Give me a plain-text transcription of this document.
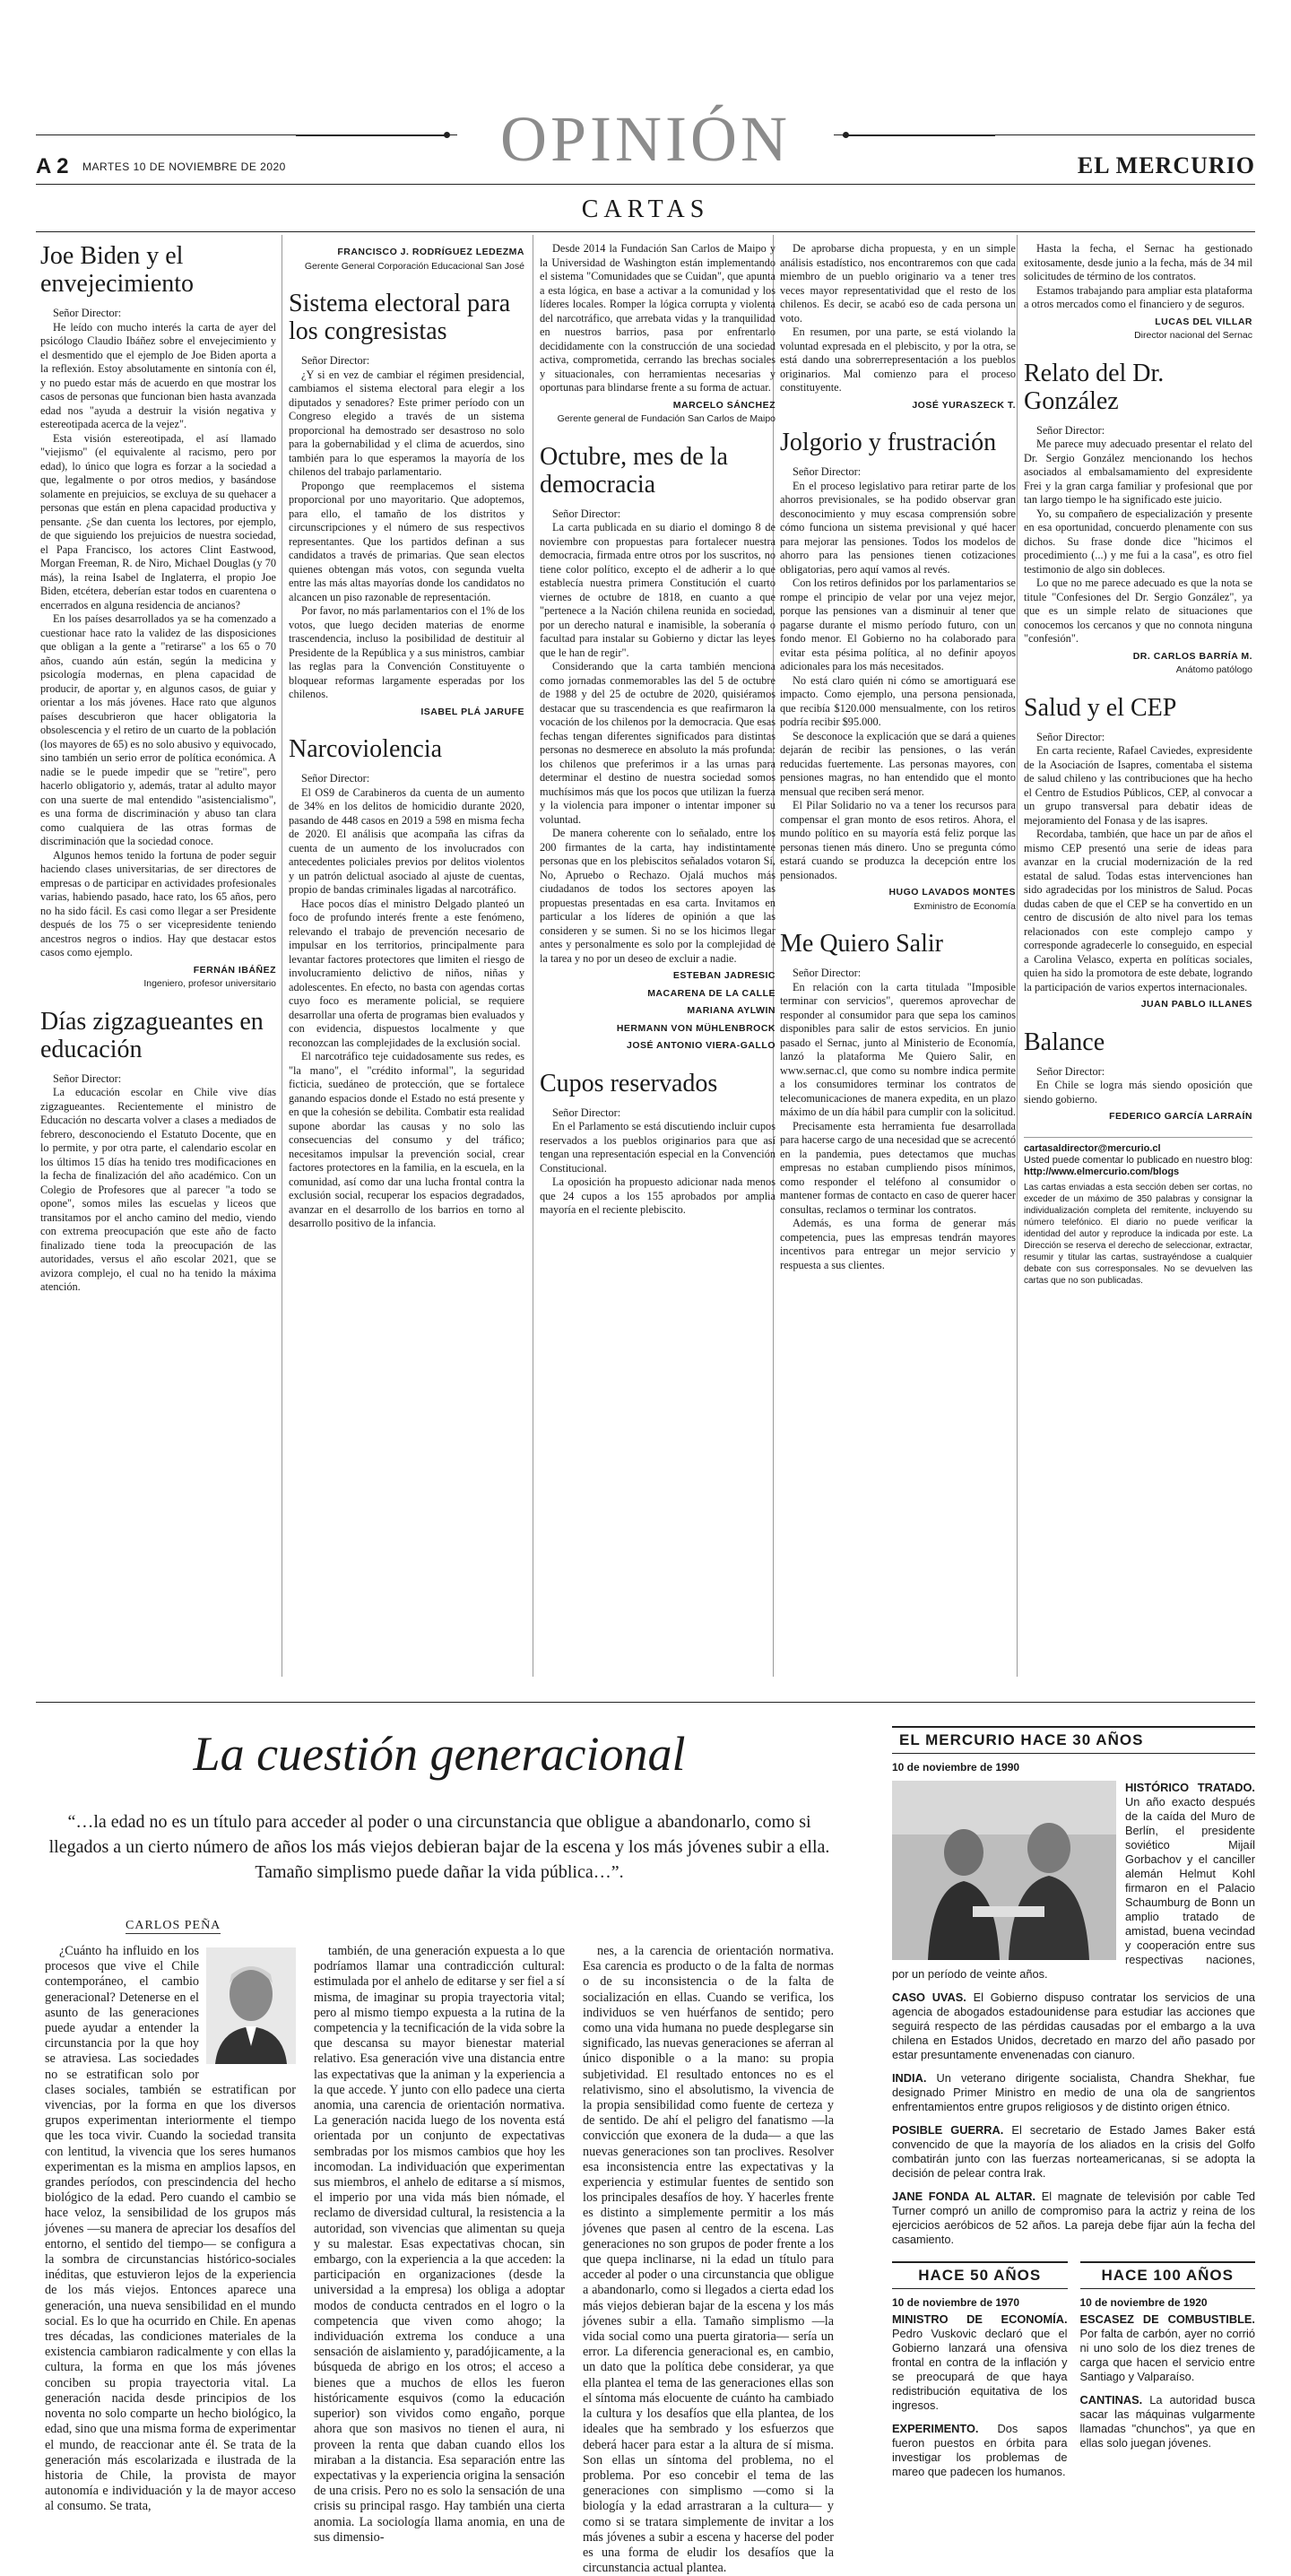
OPINIÓN
A 2 MARTES 10 DE NOVIEMBRE DE 2020	EL MERCURIO
CARTAS
Joe Biden y el envejecimiento

Señor Director:

He leído con mucho interés la carta de ayer del psicólogo Claudio Ibáñez sobre el envejecimiento y el desmentido que el ejemplo de Joe Biden aporta a la reflexión. Estoy absolutamente en sintonía con él, y no puedo estar más de acuerdo en que mostrar los casos de personas que funcionan bien hasta avanzada edad nos "ayuda a destruir la visión negativa y estereotipada acerca de la vejez".

Esta visión estereotipada, el así llamado "viejismo" (el equivalente al racismo, pero por edad), lo único que logra es forzar a la sociedad a que, legalmente o por otros medios, y basándose solamente en prejuicios, se excluya de su quehacer a personas que están en plena capacidad productiva y pensante. ¿Se dan cuenta los lectores, por ejemplo, de que siguiendo los prejuicios de nuestra sociedad, el Papa Francisco, los actores Clint Eastwood, Morgan Freeman, R. de Niro, Michael Douglas (y 70 más), la reina Isabel de Inglaterra, el propio Joe Biden, etcétera, deberían estar todos en cuarentena o encerrados en alguna residencia de ancianos?

En los países desarrollados ya se ha comenzado a cuestionar hace rato la validez de las disposiciones que obligan a la gente a "retirarse" a los 65 o 70 años, cuando aún están, según la medicina y psicología modernas, en plena capacidad de producir, de aportar y, en algunos casos, de guiar y orientar a los más jóvenes. Hace rato que algunos países descubrieron que hacer obligatoria la obsolescencia y el retiro de un cuarto de la población (los mayores de 65) es no solo abusivo y equivocado, sino también un serio error de política económica. A nadie se le puede impedir que se "retire", pero hacerlo obligatorio y, además, tratar al adulto mayor con una suerte de mal entendido "asistencialismo", es una forma de discriminación y abuso tan clara como cualquiera de las otras formas de discriminación que la sociedad conoce.

Algunos hemos tenido la fortuna de poder seguir haciendo clases universitarias, de ser directores de empresas o de participar en actividades profesionales varias, habiendo pasado, hace rato, los 65 años, pero no ha sido fácil. Es casi como llegar a ser Presidente después de los 75 o ser vicepresidente teniendo ancestros negros o indios. Hay que destacar estos casos como ejemplo.

FERNÁN IBÁÑEZ
Ingeniero, profesor universitario
Días zigzagueantes en educación

Señor Director:

La educación escolar en Chile vive días zigzagueantes. Recientemente el ministro de Educación no descarta volver a clases a mediados de febrero, desconociendo el Estatuto Docente, que en lo permite, y por otra parte, el calendario escolar en los últimos 15 días ha tenido tres modificaciones en la fecha de finalización del año académico. Con un Colegio de Profesores que al parecer "a todo se opone", somos miles las escuelas y liceos que transitamos por el ancho camino del medio, viendo con extrema preocupación que este año de facto finalizado tiene toda la preocupación de las autoridades, versus el año escolar 2021, que se avizora complejo, el cual no ha tenido la máxima atención.

FRANCISCO J. RODRÍGUEZ LEDEZMA
Gerente General Corporación Educacional San José
Sistema electoral para los congresistas

Señor Director:

¿Y si en vez de cambiar el régimen presidencial, cambiamos el sistema electoral para elegir a los diputados y senadores? Este primer período con un Congreso elegido a través de un sistema proporcional ha demostrado ser desastroso no solo para la gobernabilidad y el clima de acuerdos, sino también para lo que esperamos la mayoría de los chilenos del trabajo parlamentario.

Propongo que reemplacemos el sistema proporcional por uno mayoritario. Que adoptemos, para ello, el tamaño de los distritos y circunscripciones y el número de sus respectivos representantes. Que los partidos definan a sus candidatos a través de primarias. Que sean electos quienes obtengan más votos, con segunda vuelta entre las más altas mayorías donde los candidatos no alcancen un piso razonable de representación.

Por favor, no más parlamentarios con el 1% de los votos, que luego deciden materias de enorme trascendencia, incluso la posibilidad de destituir al Presidente de la República y a sus ministros, cambiar las reglas para la Convención Constituyente o bloquear reformas largamente esperadas por los chilenos.

ISABEL PLÁ JARUFE
Narcoviolencia

Señor Director:

El OS9 de Carabineros da cuenta de un aumento de 34% en los delitos de homicidio durante 2020, pasando de 448 casos en 2019 a 598 en misma fecha de 2020. El análisis que acompaña las cifras da cuenta de un aumento de los involucrados con antecedentes policiales previos por delitos violentos y un patrón delictual asociado al ajuste de cuentas, propio de bandas criminales ligadas al narcotráfico.

Hace pocos días el ministro Delgado planteó un foco de profundo interés frente a este fenómeno, relevando el trabajo de prevención necesario de impulsar en los territorios, principalmente para levantar factores protectores que limiten el riesgo de involucramiento delictivo de niños, niñas y adolescentes. En efecto, no basta con agendas cortas cuyo foco es meramente policial, se requiere desarrollar una oferta de programas bien evaluados y con evidencia, dispuestos localmente y que reconozcan las complejidades de la exclusión social.

El narcotráfico teje cuidadosamente sus redes, es "la mano", el "crédito informal", la seguridad ficticia, suedáneo de protección, que se fortalece ganando espacios donde el Estado no está presente y en que la cohesión se debilita. Combatir esta realidad supone abordar las causas y no solo las consecuencias del consumo y del tráfico; necesitamos impulsar la prevención social, crear factores protectores en la familia, en la escuela, en la comunidad, así como dar una lucha frontal contra la exclusión social, recuperar los espacios degradados, avanzar en el desarrollo de los barrios en torno al desarrollo positivo de la infancia.

Desde 2014 la Fundación San Carlos de Maipo y la Universidad de Washington están implementando el sistema "Comunidades que se Cuidan", que apunta a esta lógica, en base a activar a la comunidad y los líderes locales. Romper la lógica corrupta y violenta del narcotráfico, que arrebata vidas y la tranquilidad en nuestros barrios, pasa por enfrentarlo decididamente con la construcción de una sociedad activa, comprometida, cerrando las brechas sociales y situacionales, con herramientas necesarias y oportunas para blindarse frente a su forma de actuar.

MARCELO SÁNCHEZ
Gerente general de Fundación San Carlos de Maipo
Octubre, mes de la democracia

Señor Director:

La carta publicada en su diario el domingo 8 de noviembre con propuestas para fortalecer nuestra democracia, firmada entre otros por los suscritos, no tiene color político, excepto el de adherir a lo que establecía nuestra primera Constitución el cuarto viernes de octubre de 1818, en cuanto a que "pertenece a la Nación chilena reunida en sociedad, por un derecho natural e inamisible, la soberanía o facultad para instalar su Gobierno y dictar las leyes que le han de regir".

Considerando que la carta también menciona como jornadas conmemorables las del 5 de octubre de 1988 y del 25 de octubre de 2020, quisiéramos destacar que su trascendencia es que reafirmaron la vocación de los chilenos por la democracia. Que esas fechas tengan diferentes significados para distintas personas no desmerece en absoluto la más profunda: los chilenos que preferimos ir a las urnas para determinar el destino de nuestra sociedad somos muchísimos más que los pocos que utilizan la fuerza y la violencia para imponer o intentar imponer su voluntad.

De manera coherente con lo señalado, entre los 200 firmantes de la carta, hay indistintamente personas que en los plebiscitos señalados votaron Sí, No, Apruebo o Rechazo. Ojalá muchos más ciudadanos de todos los sectores apoyen las propuestas presentadas en esa carta. Invitamos en particular a los líderes de opinión a que las consideren y se sumen. Si no se los hicimos llegar antes y personalmente es solo por la complejidad de la tarea y no por un deseo de excluir a nadie.

ESTEBAN JADRESIC
MACARENA DE LA CALLE
MARIANA AYLWIN
HERMANN VON MÜHLENBROCK
JOSÉ ANTONIO VIERA-GALLO
Cupos reservados

Señor Director:

En el Parlamento se está discutiendo incluir cupos reservados a los pueblos originarios para que así tengan una representación especial en la Convención Constitucional.

La oposición ha propuesto adicionar nada menos que 24 cupos a los 155 aprobados por amplia mayoría en el reciente plebiscito.

De aprobarse dicha propuesta, y en un simple análisis estadístico, nos encontraremos con que cada miembro de un pueblo originario va a tener tres veces mayor representatividad que el resto de los chilenos. Es decir, se acabó eso de cada persona un voto.

En resumen, por una parte, se está violando la voluntad expresada en el plebiscito, y por la otra, se está dando una sobrerrepresentación a los pueblos originarios. Mal comienzo para el proceso constituyente.

JOSÉ YURASZECK T.
Jolgorio y frustración

Señor Director:

En el proceso legislativo para retirar parte de los ahorros previsionales, se ha podido observar gran desconocimiento y muy escasa comprensión sobre cómo funciona un sistema previsional y qué hacer para mejorar las pensiones. Todos los modelos de ahorro para las pensiones tienen cotizaciones obligatorias, pero aquí vamos al revés.

Con los retiros definidos por los parlamentarios se rompe el principio de velar por una vejez mejor, porque las pensiones van a disminuir al tener que pagarse durante el mismo período futuro, con un fondo menor. El Gobierno no ha colaborado para evitar esta pésima política, al no definir apoyos adicionales para los más necesitados.

No está claro quién ni cómo se amortiguará ese impacto. Como ejemplo, una persona pensionada, que recibía $120.000 mensualmente, con los retiros podría recibir $95.000.

Se desconoce la explicación que se dará a quienes dejarán de recibir las pensiones, o las verán reducidas fuertemente. Las personas mayores, con pensiones magras, no han entendido que el monto mensual que reciben será menor.

El Pilar Solidario no va a tener los recursos para compensar el gran monto de esos retiros. Ahora, el mundo político en su mayoría está feliz porque las personas tienen más dinero. Uno se pregunta cómo estará cuando se produzca la decepción entre los pensionados.

HUGO LAVADOS MONTES
Exministro de Economía
Me Quiero Salir

Señor Director:

En relación con la carta titulada "Imposible terminar con servicios", queremos aprovechar de responder al consumidor para que sepa los caminos disponibles para salir de estos servicios. En junio pasado el Sernac, junto al Ministerio de Economía, lanzó la plataforma Me Quiero Salir, en www.sernac.cl, que como su nombre indica permite a los consumidores terminar los contratos de telecomunicaciones de manera expedita, en un plazo máximo de un día hábil para cumplir con la solicitud.

Precisamente esta herramienta fue desarrollada para hacerse cargo de una necesidad que se acrecentó en la pandemia, pues detectamos que muchas empresas no estaban cumpliendo pisos mínimos, como responder el teléfono al consumidor o mantener formas de contacto en caso de querer hacer consultas, reclamos o terminar los contratos.

Además, es una forma de generar más competencia, pues las empresas tendrán mayores incentivos para entregar un mejor servicio y respuesta a sus clientes.

Hasta la fecha, el Sernac ha gestionado exitosamente, desde junio a la fecha, más de 34 mil solicitudes de término de los contratos.

Estamos trabajando para ampliar esta plataforma a otros mercados como el financiero y de seguros.

LUCAS DEL VILLAR
Director nacional del Sernac
Relato del Dr. González

Señor Director:

Me parece muy adecuado presentar el relato del Dr. Sergio González mencionando los hechos asociados al embalsamamiento del expresidente Frei y la gran carga familiar y profesional que por tan largo tiempo le ha significado este juicio.

Yo, su compañero de especialización y presente en esa oportunidad, concuerdo plenamente con sus dichos. Su frase donde dice "hicimos el procedimiento (...) y me fui a la casa", es otro fiel testimonio de algo sin dobleces.

Lo que no me parece adecuado es que la nota se titule "Confesiones del Dr. Sergio González", ya que es un simple relato de situaciones que conocemos los cercanos y que no connota ninguna "confesión".

DR. CARLOS BARRÍA M.
Anátomo patólogo
Salud y el CEP

Señor Director:

En carta reciente, Rafael Caviedes, expresidente de la Asociación de Isapres, comentaba el sistema de salud chileno y las contribuciones que ha hecho el Centro de Estudios Públicos, CEP, al convocar a un grupo transversal para debatir ideas de mejoramiento del Fonasa y de las isapres.

Recordaba, también, que hace un par de años el mismo CEP presentó una serie de ideas para avanzar en la crucial modernización de la red estatal de salud. Todas estas intervenciones han sido agradecidas por los ministros de Salud. Pocas dudas caben de que el CEP se ha convertido en un centro de discusión de alto nivel para los temas relacionados con este complejo campo y corresponde agradecerle lo conseguido, en especial a Carolina Velasco, experta en políticas sociales, quien ha sido la promotora de este debate, logrando la participación de varios expertos internacionales.

JUAN PABLO ILLANES
Balance

Señor Director:

En Chile se logra más siendo oposición que siendo gobierno.

FEDERICO GARCÍA LARRAÍN
cartasaldirector@mercurio.cl
Usted puede comentar lo publicado en nuestro blog:
http://www.elmercurio.com/blogs
Las cartas enviadas a esta sección deben ser cortas, no exceder de un máximo de 350 palabras y consignar la individualización completa del remitente, incluyendo su número telefónico. El diario no puede verificar la identidad del autor y reproduce la indicada por este. La Dirección se reserva el derecho de seleccionar, extractar, resumir y titular las cartas, sustrayéndose a cualquier debate con sus corresponsales. No se devuelven las cartas que no son publicadas.
La cuestión generacional
“…la edad no es un título para acceder al poder o una circunstancia que obligue a abandonarlo, como si llegados a un cierto número de años los más viejos debieran bajar de la escena y los más jóvenes subir a ella. Tamaño simplismo puede dañar la vida pública…”.
CARLOS PEÑA

¿Cuánto ha influido en los procesos que vive el Chile contemporáneo, el cambio generacional? Detenerse en el asunto de las generaciones puede ayudar a entender la circunstancia por la que hoy se atraviesa. Las sociedades no se estratifican solo por clases sociales, también se estratifican por vivencias, por la forma en que los diversos grupos experimentan interiormente el tiempo que les toca vivir. Cuando la sociedad transita con lentitud, la vivencia que los seres humanos experimentan es la misma en amplios lapsos, en grandes períodos, con prescindencia del hecho biológico de la edad. Pero cuando el cambio se hace veloz, la sensibilidad de los grupos más jóvenes —su manera de apreciar los desafíos del entorno, el sentido del tiempo— se configura a la sombra de circunstancias histórico-sociales inéditas, que estuvieron lejos de la experiencia de los más viejos. Entonces aparece una generación, una nueva sensibilidad en el mundo social. Es lo que ha ocurrido en Chile. En apenas tres décadas, las condiciones materiales de la existencia cambiaron radicalmente y con ellas la cultura, la forma en que los más jóvenes conciben su propia trayectoria vital. La generación nacida desde principios de los noventa no solo comparte un hecho biológico, la edad, sino que una misma forma de experimentar el mundo, de reaccionar ante él. Se trata de la generación más escolarizada e ilustrada de la historia de Chile, la provista de mayor autonomía e individuación y la de mayor acceso al consumo. Se trata,

también, de una generación expuesta a lo que podríamos llamar una contradicción cultural: estimulada por el anhelo de editarse y ser fiel a sí misma, de imaginar su propia trayectoria vital; pero al mismo tiempo expuesta a la rutina de la competencia y la tecnificación de la vida sobre la que descansa su mayor bienestar material relativo. Esa generación vive una distancia entre las expectativas que la animan y la experiencia a la que accede. Y junto con ello padece una cierta anomia, una carencia de orientación normativa. La generación nacida luego de los noventa está orientada por un conjunto de expectativas sembradas por los mismos cambios que hoy les incomodan. La individuación que experimentan sus miembros, el anhelo de editarse a sí mismos, el imperio por una vida más bien nómade, el reclamo de diversidad cultural, la resistencia a la autoridad, son vivencias que alimentan su queja y su malestar. Esas expectativas chocan, sin embargo, con la experiencia a la que acceden: la participación en organizaciones (desde la universidad a la empresa) los obliga a adoptar modos de conducta centrados en el logro o la competencia que viven como ahogo; la individuación extrema los conduce a una sensación de aislamiento y, paradójicamente, a la búsqueda de abrigo en los otros; el acceso a bienes que a muchos de ellos les fueron históricamente esquivos (como la educación superior) son vividos como engaño, porque ahora que son masivos no tienen el aura, ni proveen la renta que daban cuando ellos los miraban a la distancia. Esa separación entre las expectativas y la experiencia origina la sensación de una crisis. Pero no es solo la sensación de una crisis su principal rasgo. Hay también una cierta anomia. La sociología llama anomia, en una de sus dimensio-

nes, a la carencia de orientación normativa. Esa carencia es producto o de la falta de normas o de su inconsistencia o de la falta de socialización en ellas. Cuando se verifica, los individuos se ven huérfanos de sentido; pero como una vida humana no puede desplegarse sin significado, las nuevas generaciones se aferran al único disponible o a la mano: su propia subjetividad. El resultado entonces no es el relativismo, sino el absolutismo, la vivencia de la propia sensibilidad como fuente de certeza y de sentido. De ahí el peligro del fanatismo —la convicción que exonera de la duda— a que las nuevas generaciones son tan proclives. Resolver esa inconsistencia entre las expectativas y la experiencia y estimular fuentes de sentido son los principales desafíos de hoy. Y hacerles frente es distinto a simplemente permitir a los más jóvenes que pasen al centro de la escena. Las generaciones no son grupos de poder frente a los que quepa inclinarse, ni la edad un título para acceder al poder o una circunstancia que obligue a abandonarlo, como si llegados a cierta edad los más viejos debieran bajar de la escena y los más jóvenes subir a ella. Tamaño simplismo —la vida social como una puerta giratoria— sería un error. La diferencia generacional es, en cambio, un dato que la política debe considerar, ya que ella plantea el tema de las generaciones ellas son el síntoma más elocuente de cuánto ha cambiado la cultura y los desafíos que ella plantea, de los ideales que ha sembrado y los esfuerzos que deberá hacer para estar a la altura de sí misma. Son ellas un síntoma del problema, no el problema. Por eso concebir el tema de las generaciones con simplismo —como si la biología y la edad arrastraran a la cultura— y como si se tratara simplemente de invitar a los más jóvenes a subir a escena y hacerse del poder es una forma de eludir los desafíos que la circunstancia actual plantea.

EL MERCURIO HACE 30 AÑOS
10 de noviembre de 1990
HISTÓRICO TRATADO. Un año exacto después de la caída del Muro de Berlín, el presidente soviético Mijaíl Gorbachov y el canciller alemán Helmut Kohl firmaron en el Palacio Schaumburg de Bonn un amplio tratado de amistad, buena vecindad y cooperación entre sus respectivas naciones, por un período de veinte años.
CASO UVAS. El Gobierno dispuso contratar los servicios de una agencia de abogados estadounidense para estudiar las acciones que seguirá respecto de las pérdidas causadas por el embargo a la uva chilena en Estados Unidos, decretado en marzo del año pasado por estar presuntamente envenenadas con cianuro.
INDIA. Un veterano dirigente socialista, Chandra Shekhar, fue designado Primer Ministro en medio de una ola de sangrientos enfrentamientos entre grupos religiosos y de distinto origen étnico.
POSIBLE GUERRA. El secretario de Estado James Baker está convencido de que la mayoría de los aliados en la crisis del Golfo combatirán junto con las fuerzas norteamericanas, si se adopta la decisión de pelear contra Irak.
JANE FONDA AL ALTAR. El magnate de televisión por cable Ted Turner compró un anillo de compromiso para la actriz y reina de los ejercicios aeróbicos de 52 años. La pareja debe fijar aún la fecha del casamiento.
HACE 50 AÑOS
10 de noviembre de 1970
MINISTRO DE ECONOMÍA. Pedro Vuskovic declaró que el Gobierno lanzará una ofensiva frontal en contra de la inflación y se preocupará de que haya redistribución equitativa de los ingresos.
EXPERIMENTO. Dos sapos fueron puestos en órbita para investigar los problemas de mareo que padecen los humanos.
HACE 100 AÑOS
10 de noviembre de 1920
ESCASEZ DE COMBUSTIBLE. Por falta de carbón, ayer no corrió ni uno solo de los diez trenes de carga que hacen el servicio entre Santiago y Valparaíso.
CANTINAS. La autoridad busca sacar las máquinas vulgarmente llamadas "chunchos", ya que en ellas solo juegan jóvenes.
